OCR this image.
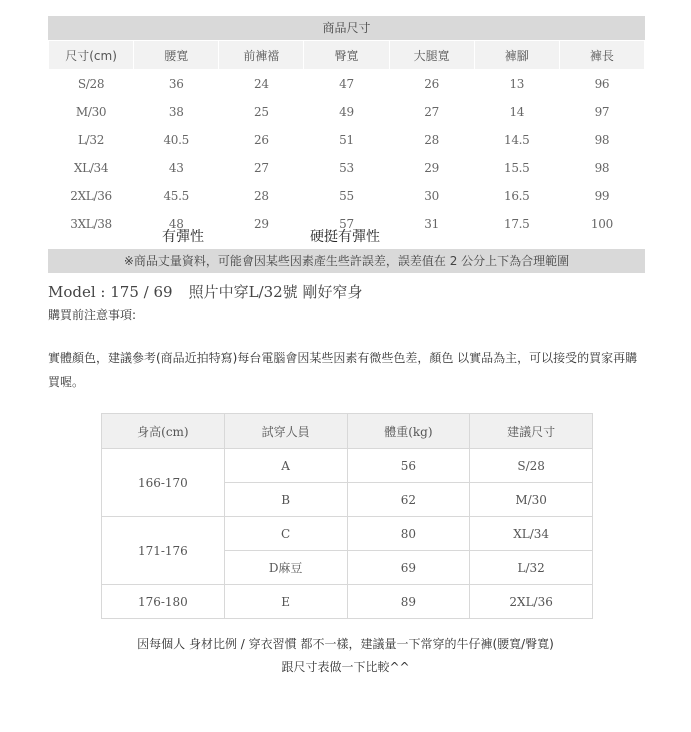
商品尺寸
尺寸(cm)	腰寬	前褲襠	臀寬	大腿寬	褲腳	褲長
S/28	36	24	47	26	13	96
M/30	38	25	49	27	14	97
L/32	40.5	26	51	28	14.5	98
XL/34	43	27	53	29	15.5	98
2XL/36	45.5	28	55	30	16.5	99
3XL/38	48	29	57	31	17.5	100
有彈性	硬挺有彈性
※商品丈量資料，可能會因某些因素產生些許誤差，誤差值在 2 公分上下為合理範圍
Model : 175 / 69 照片中穿L/32號 剛好窄身
購買前注意事項:
實體顏色，建議參考(商品近拍特寫)每台電腦會因某些因素有微些色差，顏色 以實品為主，可以接受的買家再購買喔。
身高(cm)	試穿人員	體重(kg)	建議尺寸
166-170	A	56	S/28
	B	62	M/30
171-176	C	80	XL/34
	D麻豆	69	L/32
176-180	E	89	2XL/36
因每個人 身材比例 / 穿衣習慣 都不一樣，建議量一下常穿的牛仔褲(腰寬/臀寬)
跟尺寸表做一下比較^^
